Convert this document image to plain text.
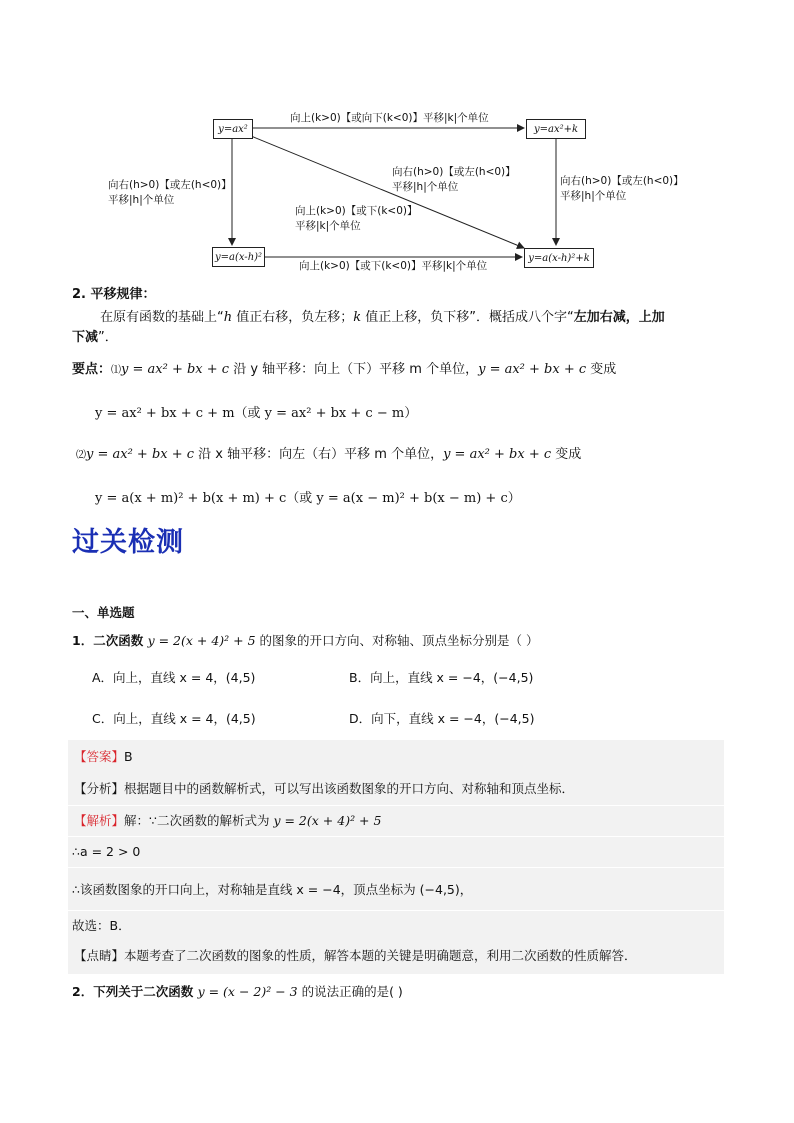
y=ax²	y=ax²+k
y=a(x-h)²	y=a(x-h)²+k
向上(k>0)【或向下(k<0)】平移|k|个单位
向上(k>0)【或下(k<0)】平移|k|个单位
向右(h>0)【或左(h<0)】
平移|h|个单位
向右(h>0)【或左(h<0)】
平移|h|个单位
向右(h>0)【或左(h<0)】
平移|h|个单位
向上(k>0)【或下(k<0)】
平移|k|个单位
2. 平移规律：
在原有函数的基础上“h 值正右移，负左移；k 值正上移，负下移”．概括成八个字“左加右减，上加
下减”．
要点：⑴y = ax² + bx + c 沿 y 轴平移：向上（下）平移 m 个单位，y = ax² + bx + c 变成
y = ax² + bx + c + m（或 y = ax² + bx + c − m）
⑵y = ax² + bx + c 沿 x 轴平移：向左（右）平移 m 个单位，y = ax² + bx + c 变成
y = a(x + m)² + b(x + m) + c（或 y = a(x − m)² + b(x − m) + c）
过关检测
一、单选题
1．二次函数 y = 2(x + 4)² + 5 的图象的开口方向、对称轴、顶点坐标分别是（ ）
A．向上，直线 x = 4，(4,5)	B．向上，直线 x = −4，(−4,5)
C．向上，直线 x = 4，(4,5)	D．向下，直线 x = −4，(−4,5)
【答案】B
【分析】根据题目中的函数解析式，可以写出该函数图象的开口方向、对称轴和顶点坐标．
【解析】解：∵二次函数的解析式为 y = 2(x + 4)² + 5
∴a = 2 > 0
∴该函数图象的开口向上，对称轴是直线 x = −4，顶点坐标为 (−4,5)，
故选：B．
【点睛】本题考查了二次函数的图象的性质，解答本题的关键是明确题意，利用二次函数的性质解答．
2．下列关于二次函数 y = (x − 2)² − 3 的说法正确的是( )
